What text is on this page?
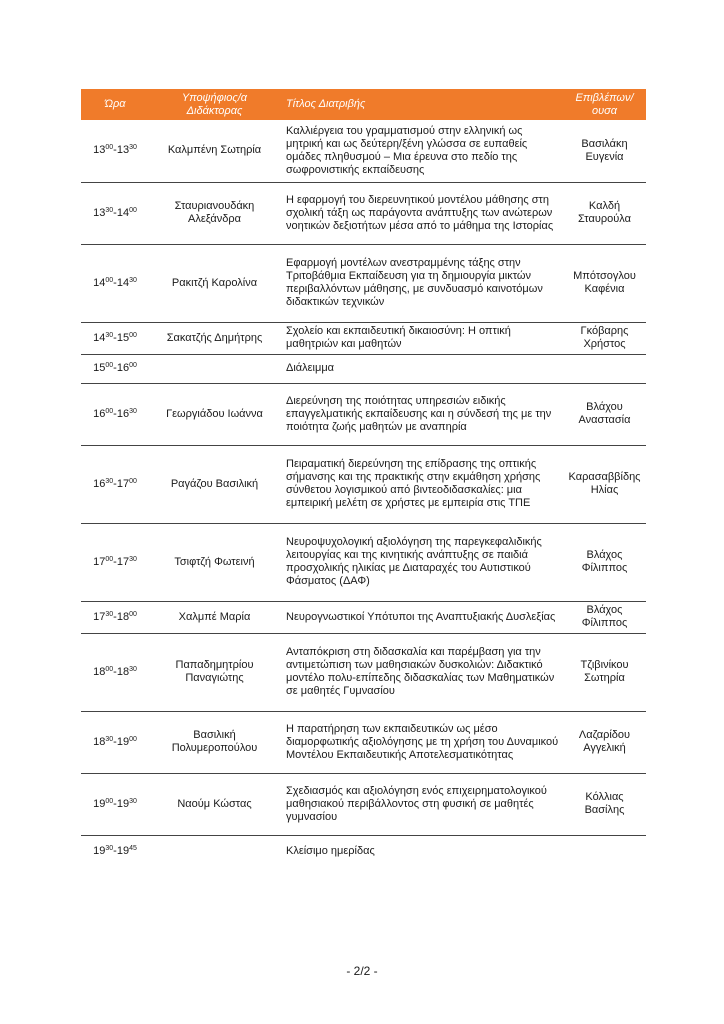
Ώρα	Υποψήφιος/α Διδάκτορας	Τίτλος Διατριβής	Επιβλέπων/ ουσα
$13^{00}-13^{30}$	Καλμπένη Σωτηρία	Καλλιέργεια του γραμματισμού στην ελληνική ως μητρική και ως δεύτερη/ξένη γλώσσα σε ευπαθείς ομάδες πληθυσμού – Μια έρευνα στο πεδίο της σωφρονιστικής εκπαίδευσης	Βασιλάκη Ευγενία
$13^{30}-14^{00}$	Σταυριανουδάκη Αλεξάνδρα	Η εφαρμογή του διερευνητικού μοντέλου μάθησης στη σχολική τάξη ως παράγοντα ανάπτυξης των ανώτερων νοητικών δεξιοτήτων μέσα από το μάθημα της Ιστορίας	Καλδή Σταυρούλα
$14^{00}-14^{30}$	Ρακιτζή Καρολίνα	Εφαρμογή μοντέλων ανεστραμμένης τάξης στην Τριτοβάθμια Εκπαίδευση για τη δημιουργία μικτών περιβαλλόντων μάθησης, με συνδυασμό καινοτόμων διδακτικών τεχνικών	Μπότσογλου Καφένια
$14^{30}-15^{00}$	Σακατζής Δημήτρης	Σχολείο και εκπαιδευτική δικαιοσύνη: Η οπτική μαθητριών και μαθητών	Γκόβαρης Χρήστος
$15^{00}-16^{00}$		Διάλειμμα	
$16^{00}-16^{30}$	Γεωργιάδου Ιωάννα	Διερεύνηση της ποιότητας υπηρεσιών ειδικής επαγγελματικής εκπαίδευσης και η σύνδεσή της με την ποιότητα ζωής μαθητών με αναπηρία	Βλάχου Αναστασία
$16^{30}-17^{00}$	Ραγάζου Βασιλική	Πειραματική διερεύνηση της επίδρασης της οπτικής σήμανσης και της πρακτικής στην εκμάθηση χρήσης σύνθετου λογισμικού από βιντεοδιδασκαλίες: μια εμπειρική μελέτη σε χρήστες με εμπειρία στις ΤΠΕ	Καρασαββίδης Ηλίας
$17^{00}-17^{30}$	Τσιφτζή Φωτεινή	Νευροψυχολογική αξιολόγηση της παρεγκεφαλιδικής λειτουργίας και της κινητικής ανάπτυξης σε παιδιά προσχολικής ηλικίας με Διαταραχές του Αυτιστικού Φάσματος (ΔΑΦ)	Βλάχος Φίλιππος
$17^{30}-18^{00}$	Χαλμπέ Μαρία	Νευρογνωστικοί Υπότυποι της Αναπτυξιακής Δυσλεξίας	Βλάχος Φίλιππος
$18^{00}-18^{30}$	Παπαδημητρίου Παναγιώτης	Ανταπόκριση στη διδασκαλία και παρέμβαση για την αντιμετώπιση των μαθησιακών δυσκολιών: Διδακτικό μοντέλο πολυ-επίπεδης διδασκαλίας των Μαθηματικών σε μαθητές Γυμνασίου	Τζιβινίκου Σωτηρία
$18^{30}-19^{00}$	Βασιλική Πολυμεροπούλου	Η παρατήρηση των εκπαιδευτικών ως μέσο διαμορφωτικής αξιολόγησης με τη χρήση του Δυναμικού Μοντέλου Εκπαιδευτικής Αποτελεσματικότητας	Λαζαρίδου Αγγελική
$19^{00}-19^{30}$	Ναούμ Κώστας	Σχεδιασμός και αξιολόγηση ενός επιχειρηματολογικού μαθησιακού περιβάλλοντος στη φυσική σε μαθητές γυμνασίου	Κόλλιας Βασίλης
$19^{30}-19^{45}$		Κλείσιμο ημερίδας	
- 2/2 -
